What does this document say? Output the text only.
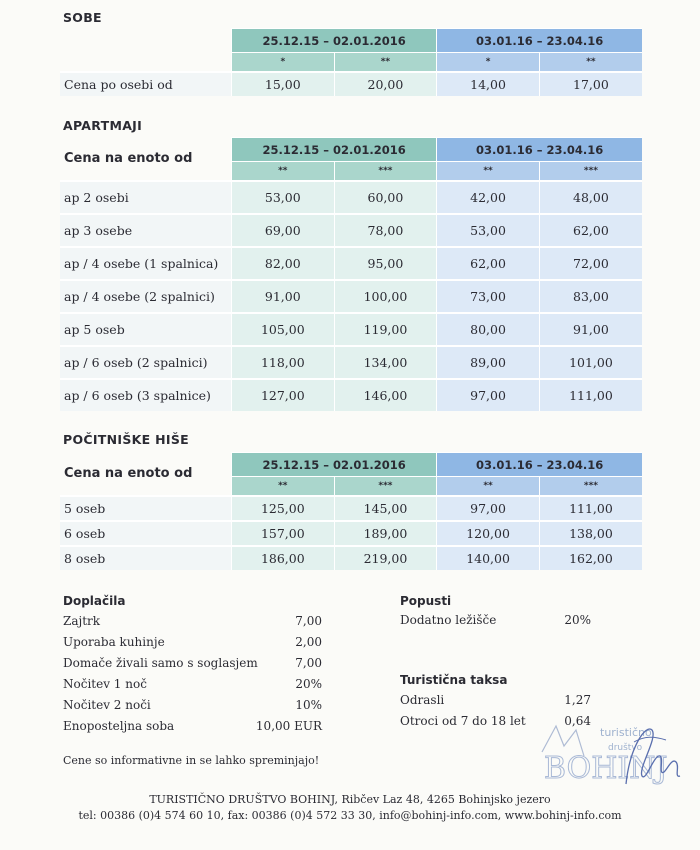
SOBE
	25.12.15 – 02.01.2016		03.01.16 – 23.04.16	
	*	**	*	**
Cena po osebi od	15,00	20,00	14,00	17,00
APARTMAJI
Cena na enoto od	25.12.15 – 02.01.2016		03.01.16 – 23.04.16	
	**	***	**	***
ap 2 osebi	53,00	60,00	42,00	48,00
ap 3 osebe	69,00	78,00	53,00	62,00
ap / 4 osebe (1 spalnica)	82,00	95,00	62,00	72,00
ap / 4 osebe (2 spalnici)	91,00	100,00	73,00	83,00
ap 5 oseb	105,00	119,00	80,00	91,00
ap / 6 oseb (2 spalnici)	118,00	134,00	89,00	101,00
ap / 6 oseb (3 spalnice)	127,00	146,00	97,00	111,00
POČITNIŠKE HIŠE
Cena na enoto od	25.12.15 – 02.01.2016		03.01.16 – 23.04.16	
	**	***	**	***
5 oseb	125,00	145,00	97,00	111,00
6 oseb	157,00	189,00	120,00	138,00
8 oseb	186,00	219,00	140,00	162,00
Doplačila
Zajtrk	7,00
Uporaba kuhinje	2,00
Domače živali samo s soglasjem	7,00
Nočitev 1 noč	20%
Nočitev 2 noči	10%
Enoposteljna soba	10,00 EUR
Popusti
Dodatno ležišče	20%
Turistična taksa
Odrasli	1,27
Otroci od 7 do 18 let	0,64
turistično
društvo
BOHINJ
Cene so informativne in se lahko spreminjajo!
TURISTIČNO DRUŠTVO BOHINJ, Ribčev Laz 48, 4265 Bohinjsko jezero
tel: 00386 (0)4 574 60 10, fax: 00386 (0)4 572 33 30, info@bohinj-info.com, www.bohinj-info.com
